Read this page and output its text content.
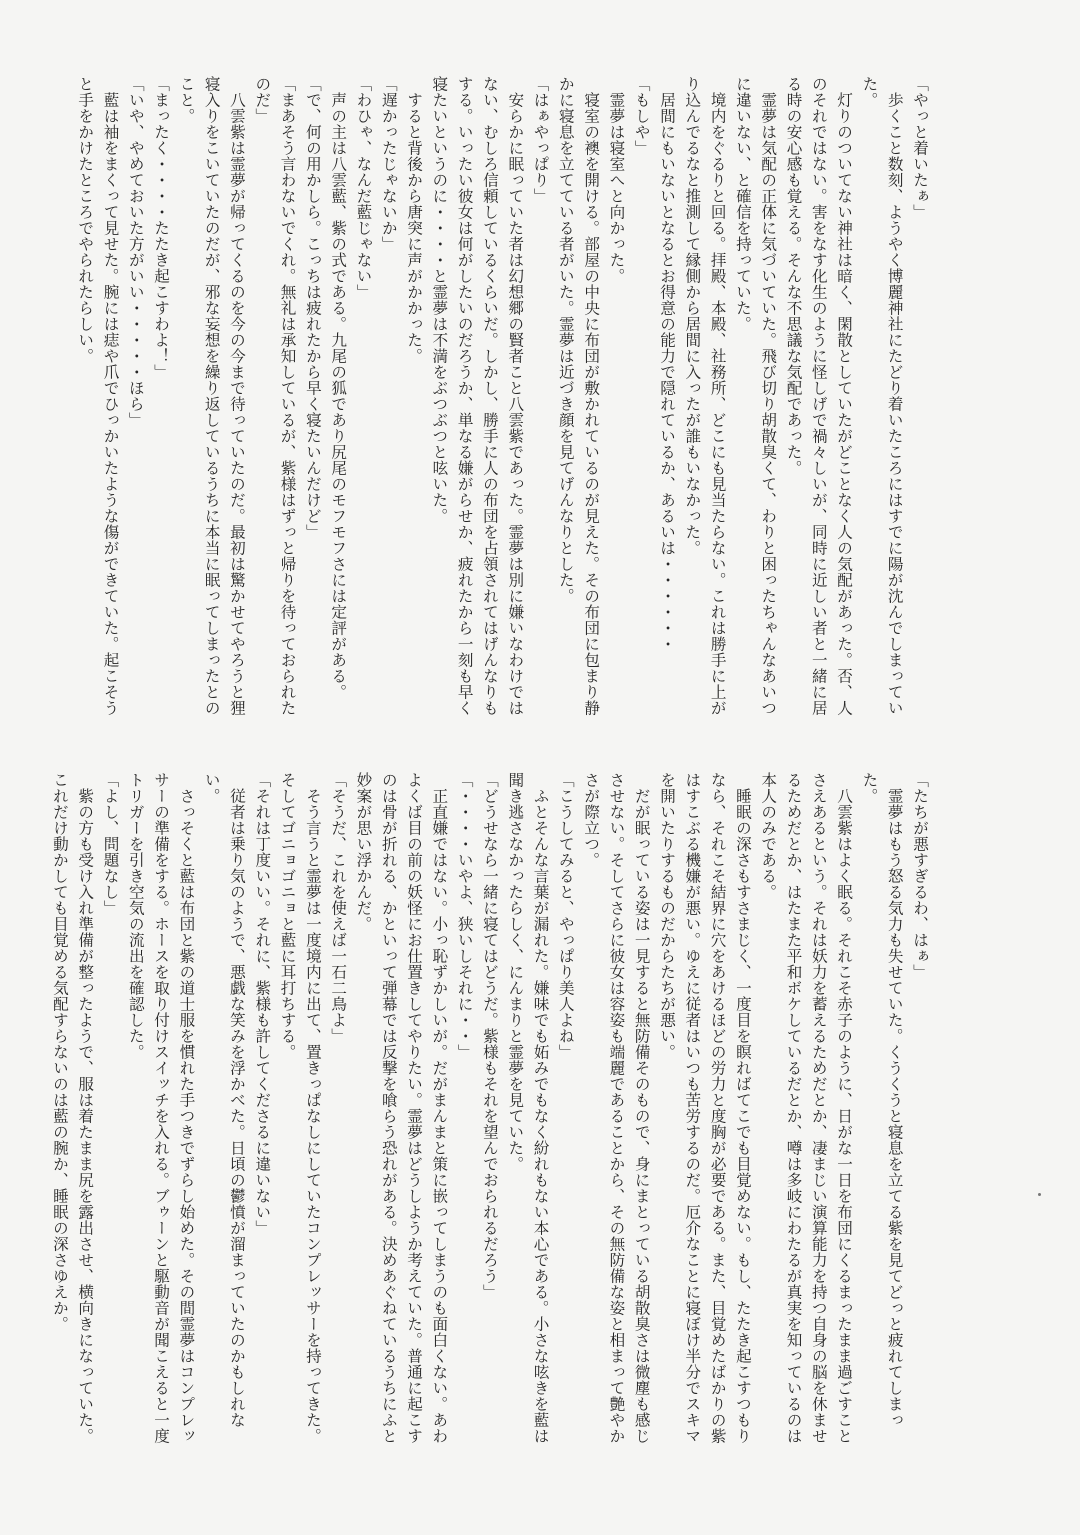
「やっと着いたぁ」

　歩くこと数刻、ようやく博麗神社にたどり着いたころにはすでに陽が沈んでしまっていた。

　灯りのついてない神社は暗く、閑散としていたがどことなく人の気配があった。否、人のそれではない。害をなす化生のように怪しげで禍々しいが、同時に近しい者と一緒に居る時の安心感も覚える。そんな不思議な気配であった。

　霊夢は気配の正体に気づいていた。飛び切り胡散臭くて、わりと困ったちゃんなあいつに違いない、と確信を持っていた。

　境内をぐるりと回る。拝殿、本殿、社務所、どこにも見当たらない。これは勝手に上がり込んでるなと推測して縁側から居間に入ったが誰もいなかった。

　居間にもいないとなるとお得意の能力で隠れているか、あるいは・・・・・・

「もしや」

　霊夢は寝室へと向かった。

　寝室の襖を開ける。部屋の中央に布団が敷かれているのが見えた。その布団に包まり静かに寝息を立てている者がいた。霊夢は近づき顔を見てげんなりとした。

「はぁやっぱり」

　安らかに眠っていた者は幻想郷の賢者こと八雲紫であった。霊夢は別に嫌いなわけではない、むしろ信頼しているくらいだ。しかし、勝手に人の布団を占領されてはげんなりもする。いったい彼女は何がしたいのだろうか、単なる嫌がらせか、疲れたから一刻も早く寝たいというのに・・・・と霊夢は不満をぶつぶつと呟いた。

　すると背後から唐突に声がかかった。

「遅かったじゃないか」

「わひゃ、なんだ藍じゃない」

　声の主は八雲藍、紫の式である。九尾の狐であり尻尾のモフモフさには定評がある。

「で、何の用かしら。こっちは疲れたから早く寝たいんだけど」

「まあそう言わないでくれ。無礼は承知しているが、紫様はずっと帰りを待っておられたのだ」

　八雲紫は霊夢が帰ってくるのを今の今まで待っていたのだ。最初は驚かせてやろうと狸寝入りをこいていたのだが、邪な妄想を繰り返しているうちに本当に眠ってしまったとのこと。

「まったく・・・・たたき起こすわよ！」

「いや、やめておいた方がいい・・・・・ほら」

　藍は袖をまくって見せた。腕には痣や爪でひっかいたような傷ができていた。起こそうと手をかけたところでやられたらしい。

「たちが悪すぎるわ、はぁ」

　霊夢はもう怒る気力も失せていた。くうくうと寝息を立てる紫を見てどっと疲れてしまった。

　八雲紫はよく眠る。それこそ赤子のように、日がな一日を布団にくるまったまま過ごすことさえあるという。それは妖力を蓄えるためだとか、凄まじい演算能力を持つ自身の脳を休ませるためだとか、はたまた平和ボケしているだとか、噂は多岐にわたるが真実を知っているのは本人のみである。

　睡眠の深さもすさまじく、一度目を瞑ればてこでも目覚めない。もし、たたき起こすつもりなら、それこそ結界に穴をあけるほどの労力と度胸が必要である。また、目覚めたばかりの紫はすこぶる機嫌が悪い。ゆえに従者はいつも苦労するのだ。厄介なことに寝ぼけ半分でスキマを開いたりするものだからたちが悪い。

　だが眠っている姿は一見すると無防備そのもので、身にまとっている胡散臭さは微塵も感じさせない。そしてさらに彼女は容姿も端麗であることから、その無防備な姿と相まって艶やかさが際立つ。

「こうしてみると、やっぱり美人よね」

　ふとそんな言葉が漏れた。嫌味でも妬みでもなく紛れもない本心である。小さな呟きを藍は聞き逃さなかったらしく、にんまりと霊夢を見ていた。

「どうせなら一緒に寝てはどうだ。紫様もそれを望んでおられるだろう」

「・・・・いやよ、狭いしそれに・・」

　正直嫌ではない。小っ恥ずかしいが。だがまんまと策に嵌ってしまうのも面白くない。あわよくば目の前の妖怪にお仕置きしてやりたい。霊夢はどうしようか考えていた。普通に起こすのは骨が折れる、かといって弾幕では反撃を喰らう恐れがある。決めあぐねているうちにふと妙案が思い浮かんだ。

「そうだ、これを使えば一石二鳥よ」

　そう言うと霊夢は一度境内に出て、置きっぱなしにしていたコンプレッサーを持ってきた。そしてゴニョゴニョと藍に耳打ちする。

「それは丁度いい。それに、紫様も許してくださるに違いない」

　従者は乗り気のようで、悪戯な笑みを浮かべた。日頃の鬱憤が溜まっていたのかもしれない。

　さっそくと藍は布団と紫の道士服を慣れた手つきでずらし始めた。その間霊夢はコンプレッサーの準備をする。ホースを取り付けスイッチを入れる。ブゥーンと駆動音が聞こえると一度トリガーを引き空気の流出を確認した。

「よし、問題なし」

　紫の方も受け入れ準備が整ったようで、服は着たまま尻を露出させ、横向きになっていた。これだけ動かしても目覚める気配すらないのは藍の腕か、睡眠の深さゆえか。
